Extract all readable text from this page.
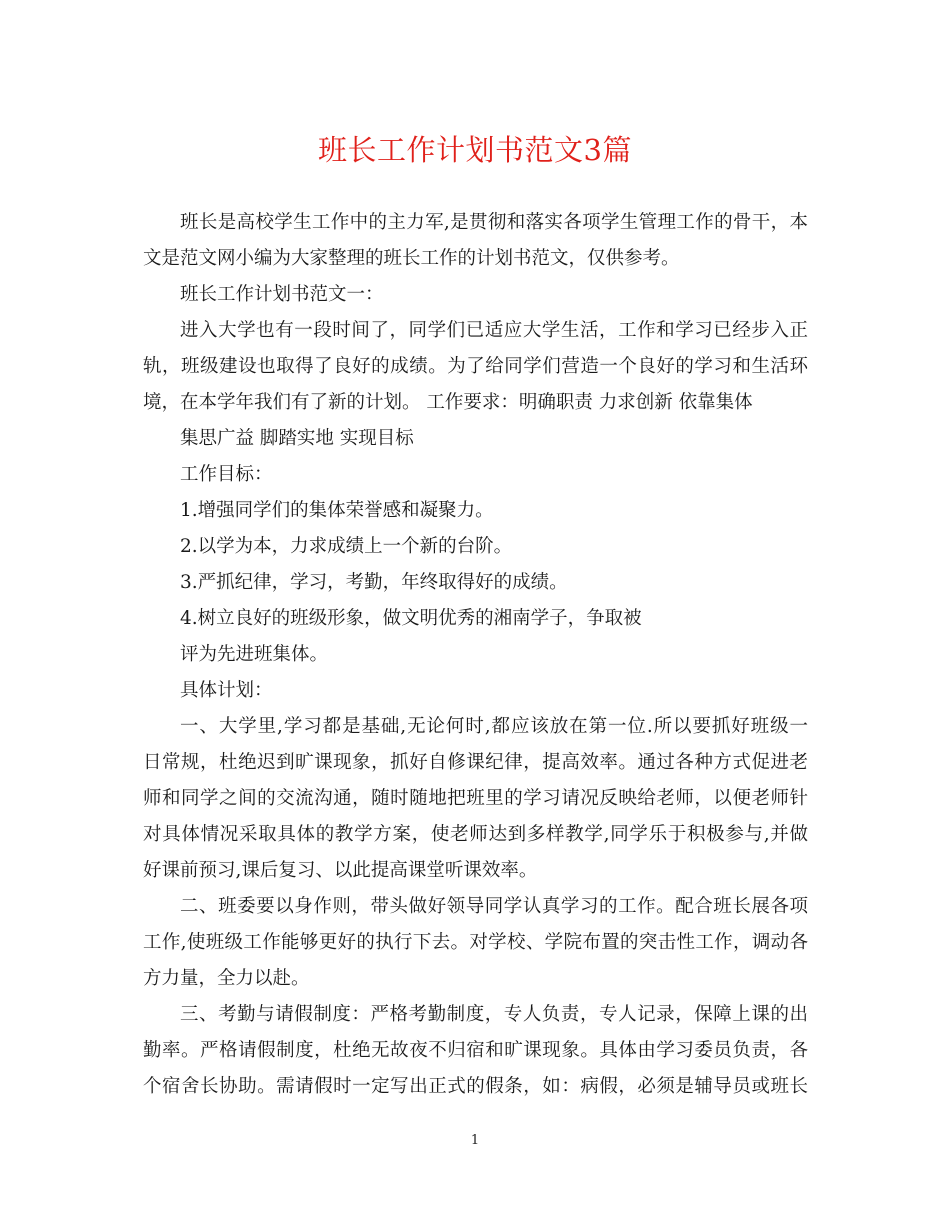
班长工作计划书范文3篇
班长是高校学生工作中的主力军,是贯彻和落实各项学生管理工作的骨干，本
文是范文网小编为大家整理的班长工作的计划书范文，仅供参考。
班长工作计划书范文一：
进入大学也有一段时间了，同学们已适应大学生活，工作和学习已经步入正
轨，班级建设也取得了良好的成绩。为了给同学们营造一个良好的学习和生活环
境，在本学年我们有了新的计划。 工作要求：明确职责 力求创新 依靠集体
集思广益 脚踏实地 实现目标
工作目标：
1.增强同学们的集体荣誉感和凝聚力。
2.以学为本，力求成绩上一个新的台阶。
3.严抓纪律，学习，考勤，年终取得好的成绩。
4.树立良好的班级形象，做文明优秀的湘南学子，争取被
评为先进班集体。
具体计划：
一、大学里,学习都是基础,无论何时,都应该放在第一位.所以要抓好班级一
日常规，杜绝迟到旷课现象，抓好自修课纪律，提高效率。通过各种方式促进老
师和同学之间的交流沟通，随时随地把班里的学习请况反映给老师，以便老师针
对具体情况采取具体的教学方案，使老师达到多样教学,同学乐于积极参与,并做
好课前预习,课后复习、以此提高课堂听课效率。
二、班委要以身作则，带头做好领导同学认真学习的工作。配合班长展各项
工作,使班级工作能够更好的执行下去。对学校、学院布置的突击性工作，调动各
方力量，全力以赴。
三、考勤与请假制度：严格考勤制度，专人负责，专人记录，保障上课的出
勤率。严格请假制度，杜绝无故夜不归宿和旷课现象。具体由学习委员负责，各
个宿舍长协助。需请假时一定写出正式的假条，如：病假，必须是辅导员或班长
1
